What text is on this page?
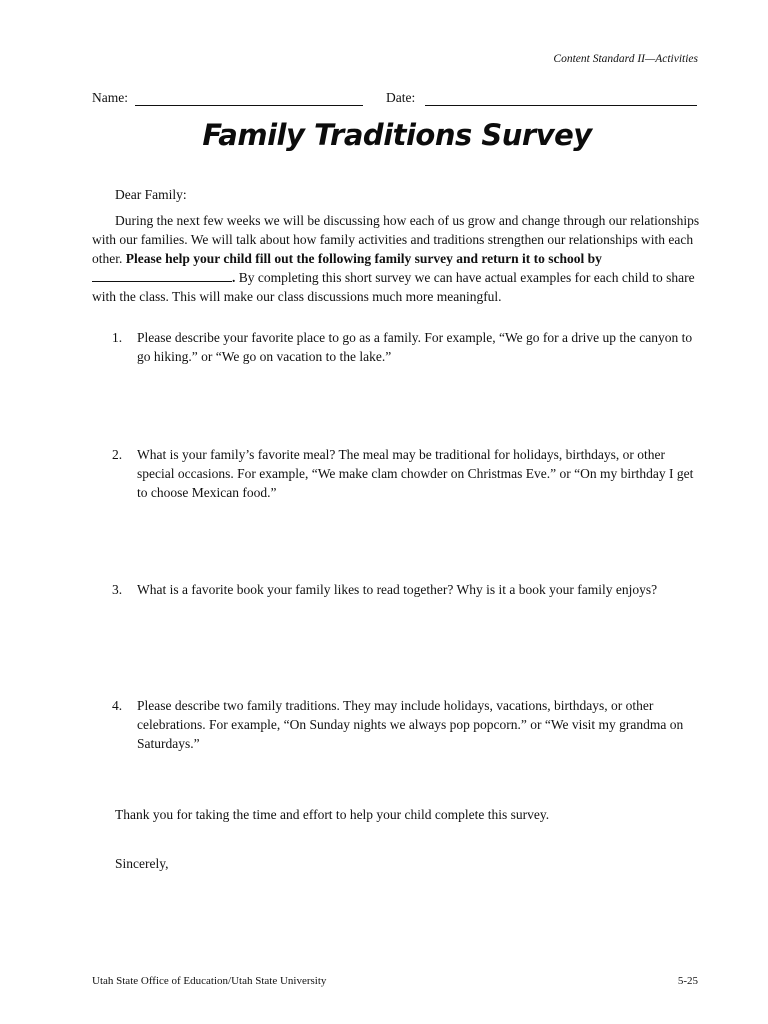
Content Standard II—Activities
Name:	Date:
Family Traditions Survey
Dear Family:
During the next few weeks we will be discussing how each of us grow and change through our relationships with our families. We will talk about how family activities and traditions strengthen our relationships with each other. Please help your child fill out the following family survey and return it to school by. By completing this short survey we can have actual examples for each child to share with the class. This will make our class discussions much more meaningful.
1.	Please describe your favorite place to go as a family. For example, “We go for a drive up the canyon to go hiking.” or “We go on vacation to the lake.”
2.	What is your family’s favorite meal? The meal may be traditional for holidays, birthdays, or other special occasions. For example, “We make clam chowder on Christmas Eve.” or “On my birthday I get to choose Mexican food.”
3.	What is a favorite book your family likes to read together? Why is it a book your family enjoys?
4.	Please describe two family traditions. They may include holidays, vacations, birthdays, or other celebrations. For example, “On Sunday nights we always pop popcorn.” or “We visit my grandma on Saturdays.”
Thank you for taking the time and effort to help your child complete this survey.
Sincerely,
Utah State Office of Education/Utah State University	5-25
